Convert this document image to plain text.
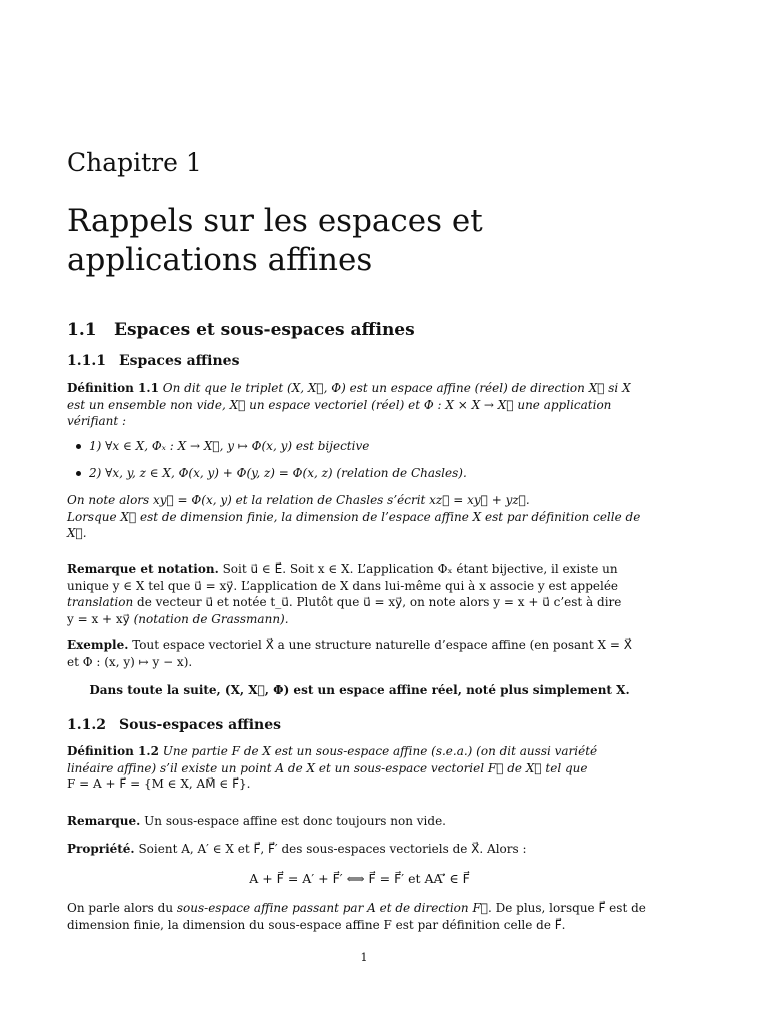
Chapitre 1
Rappels sur les espaces et
applications affines
1.1 Espaces et sous-espaces affines
1.1.1 Espaces affines
Définition 1.1 On dit que le triplet (X, X⃗, Φ) est un espace affine (réel) de direction X⃗ si X
est un ensemble non vide, X⃗ un espace vectoriel (réel) et Φ : X × X → X⃗ une application
vérifiant :
1) ∀x ∈ X, Φₓ : X → X⃗, y ↦ Φ(x, y) est bijective
2) ∀x, y, z ∈ X, Φ(x, y) + Φ(y, z) = Φ(x, z) (relation de Chasles).
On note alors xy⃗ = Φ(x, y) et la relation de Chasles s’écrit xz⃗ = xy⃗ + yz⃗.
Lorsque X⃗ est de dimension finie, la dimension de l’espace affine X est par définition celle de
X⃗.
Remarque et notation. Soit u⃗ ∈ E⃗. Soit x ∈ X. L’application Φₓ étant bijective, il existe un
unique y ∈ X tel que u⃗ = xy⃗. L’application de X dans lui-même qui à x associe y est appelée
translation de vecteur u⃗ et notée t_u⃗. Plutôt que u⃗ = xy⃗, on note alors y = x + u⃗ c’est à dire
y = x + xy⃗ (notation de Grassmann).
Exemple. Tout espace vectoriel X⃗ a une structure naturelle d’espace affine (en posant X = X⃗
et Φ : (x, y) ↦ y − x).
Dans toute la suite, (X, X⃗, Φ) est un espace affine réel, noté plus simplement X.
1.1.2 Sous-espaces affines
Définition 1.2 Une partie F de X est un sous-espace affine (s.e.a.) (on dit aussi variété
linéaire affine) s’il existe un point A de X et un sous-espace vectoriel F⃗ de X⃗ tel que
F = A + F⃗ = {M ∈ X, AM⃗ ∈ F⃗}.
Remarque. Un sous-espace affine est donc toujours non vide.
Propriété. Soient A, A′ ∈ X et F⃗, F⃗′ des sous-espaces vectoriels de X⃗. Alors :
A + F⃗ = A′ + F⃗′ ⟺ F⃗ = F⃗′ et AA′⃗ ∈ F⃗
On parle alors du sous-espace affine passant par A et de direction F⃗. De plus, lorsque F⃗ est de
dimension finie, la dimension du sous-espace affine F est par définition celle de F⃗.
1
